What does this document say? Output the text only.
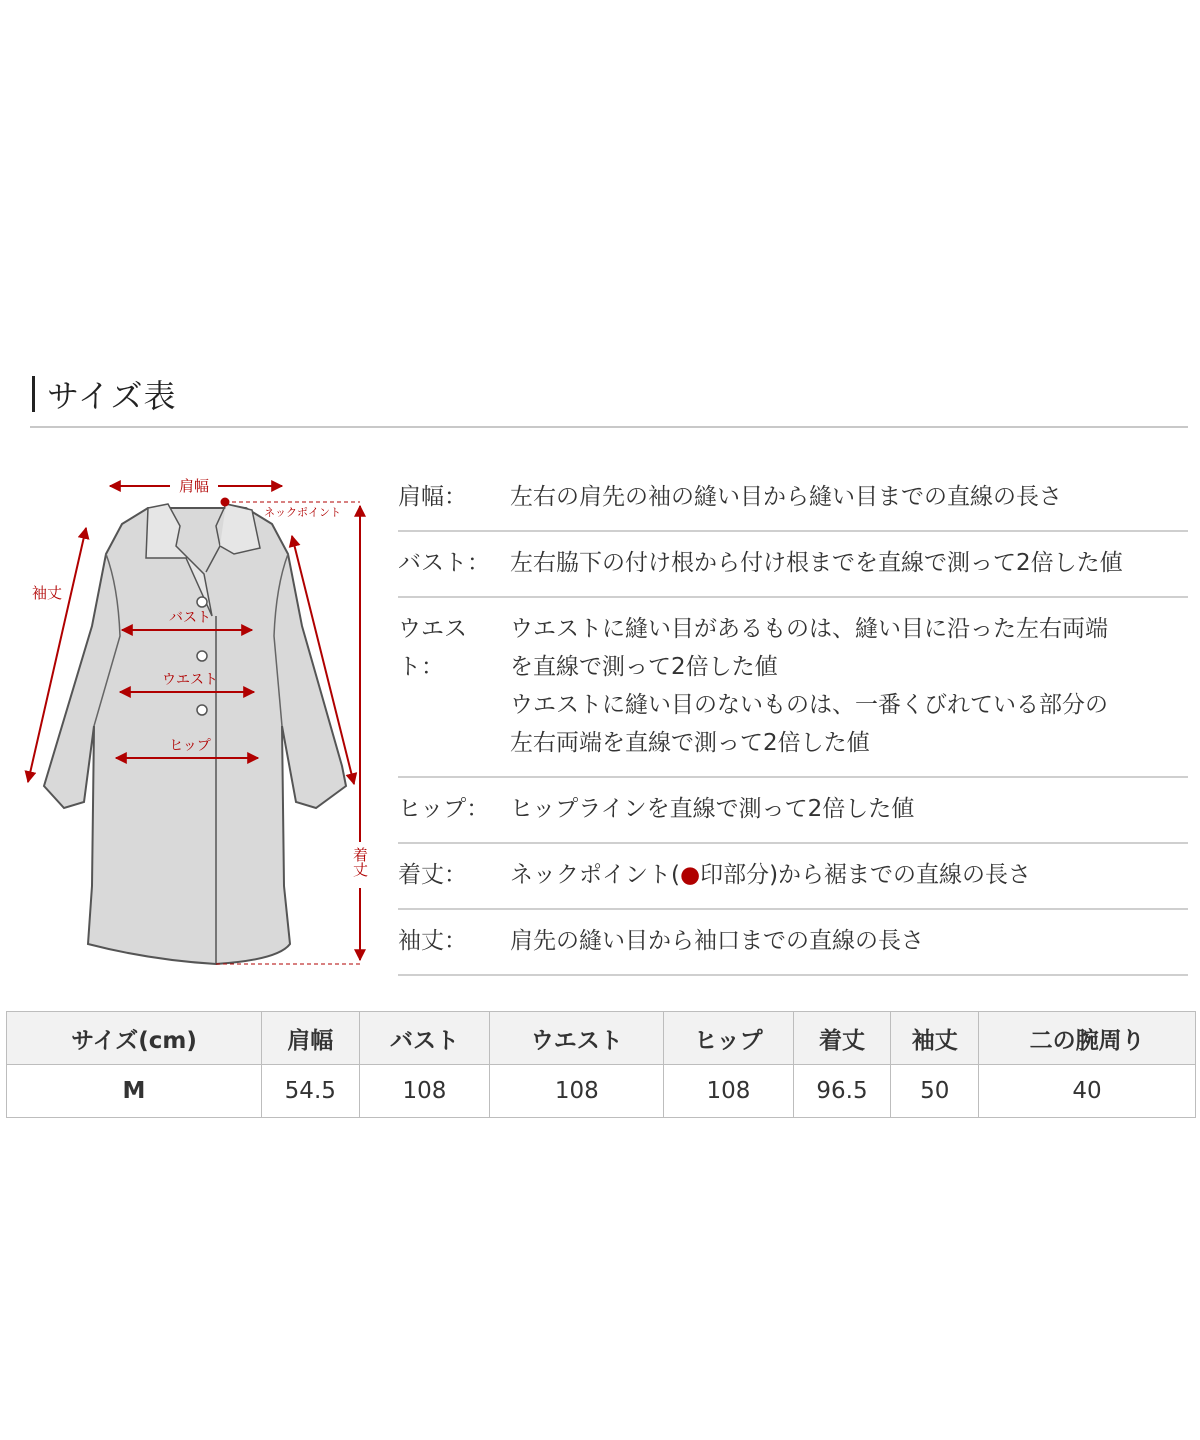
サイズ表
肩幅
ネックポイント
着丈
袖丈
バスト
ウエスト
ヒップ
肩幅：	左右の肩先の袖の縫い目から縫い目までの直線の長さ
バスト： 左右脇下の付け根から付け根までを直線で測って2倍した値
ウエスト：
ウエストに縫い目があるものは、縫い目に沿った左右両端
を直線で測って2倍した値
ウエストに縫い目のないものは、一番くびれている部分の
左右両端を直線で測って2倍した値
ヒップ： ヒップラインを直線で測って2倍した値
着丈：	ネックポイント(●印部分)から裾までの直線の長さ
袖丈：	肩先の縫い目から袖口までの直線の長さ
サイズ(cm)	肩幅	バスト	ウエスト	ヒップ	着丈	袖丈	二の腕周り
M	54.5	108	108	108	96.5	50	40
